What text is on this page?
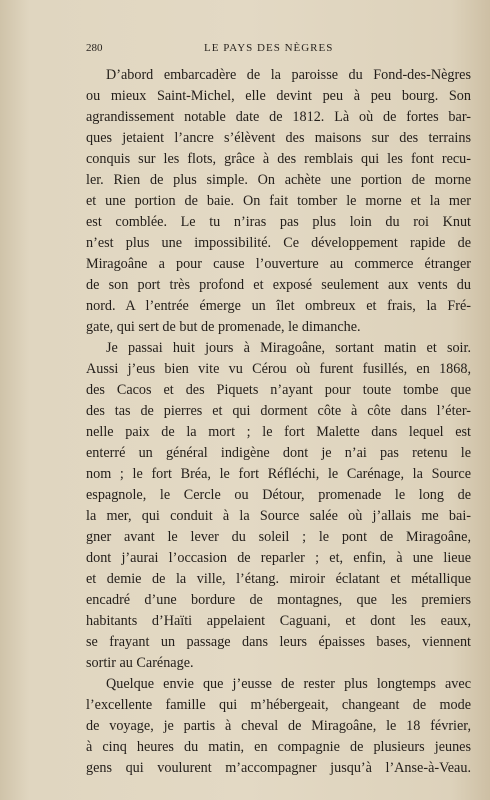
280	LE PAYS DES NÈGRES
D’abord embarcadère de la paroisse du Fond-des-Nègres
ou mieux Saint-Michel, elle devint peu à peu bourg. Son
agrandissement notable date de 1812. Là où de fortes bar-
ques jetaient l’ancre s’élèvent des maisons sur des terrains
conquis sur les flots, grâce à des remblais qui les font recu-
ler. Rien de plus simple. On achète une portion de morne
et une portion de baie. On fait tomber le morne et la mer
est comblée. Le tu n’iras pas plus loin du roi Knut
n’est plus une impossibilité. Ce développement rapide de
Miragoâne a pour cause l’ouverture au commerce étranger
de son port très profond et exposé seulement aux vents du
nord. A l’entrée émerge un îlet ombreux et frais, la Fré-
gate, qui sert de but de promenade, le dimanche.
Je passai huit jours à Miragoâne, sortant matin et soir.
Aussi j’eus bien vite vu Cérou où furent fusillés, en 1868,
des Cacos et des Piquets n’ayant pour toute tombe que
des tas de pierres et qui dorment côte à côte dans l’éter-
nelle paix de la mort ; le fort Malette dans lequel est
enterré un général indigène dont je n’ai pas retenu le
nom ; le fort Bréa, le fort Réfléchi, le Carénage, la Source
espagnole, le Cercle ou Détour, promenade le long de
la mer, qui conduit à la Source salée où j’allais me bai-
gner avant le lever du soleil ; le pont de Miragoâne,
dont j’aurai l’occasion de reparler ; et, enfin, à une lieue
et demie de la ville, l’étang. miroir éclatant et métallique
encadré d’une bordure de montagnes, que les premiers
habitants d’Haïti appelaient Caguani, et dont les eaux,
se frayant un passage dans leurs épaisses bases, viennent
sortir au Carénage.
Quelque envie que j’eusse de rester plus longtemps avec
l’excellente famille qui m’hébergeait, changeant de mode
de voyage, je partis à cheval de Miragoâne, le 18 février,
à cinq heures du matin, en compagnie de plusieurs jeunes
gens qui voulurent m’accompagner jusqu’à l’Anse-à-Veau.
